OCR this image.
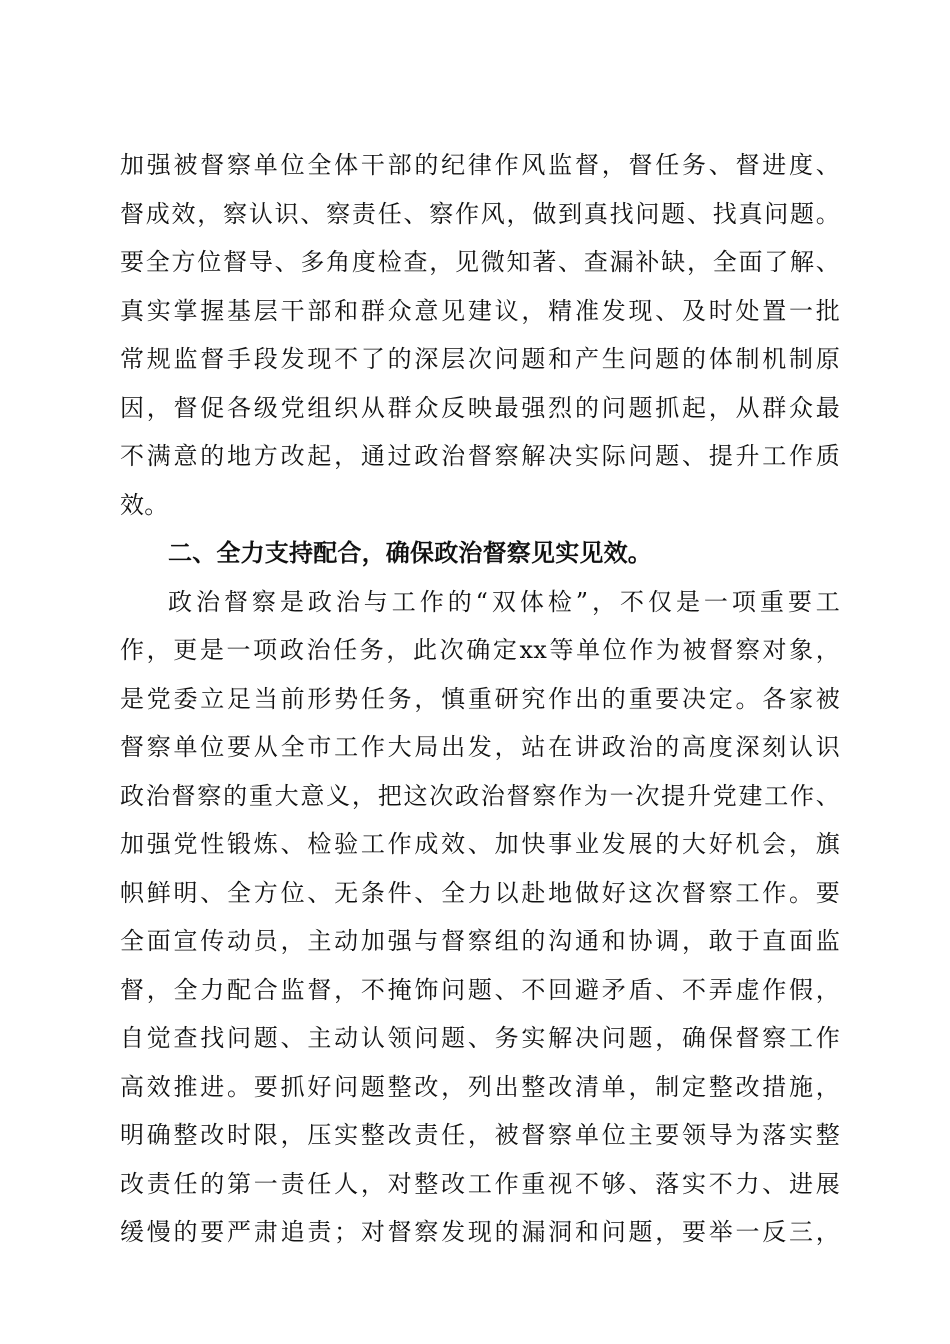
加强被督察单位全体干部的纪律作风监督，督任务、督进度、
督成效，察认识、察责任、察作风，做到真找问题、找真问题。
要全方位督导、多角度检查，见微知著、查漏补缺，全面了解、
真实掌握基层干部和群众意见建议，精准发现、及时处置一批
常规监督手段发现不了的深层次问题和产生问题的体制机制原
因，督促各级党组织从群众反映最强烈的问题抓起，从群众最
不满意的地方改起，通过政治督察解决实际问题、提升工作质
效。
二、全力支持配合，确保政治督察见实见效。
政治督察是政治与工作的“双体检”，不仅是一项重要工
作，更是一项政治任务，此次确定xx等单位作为被督察对象，
是党委立足当前形势任务，慎重研究作出的重要决定。各家被
督察单位要从全市工作大局出发，站在讲政治的高度深刻认识
政治督察的重大意义，把这次政治督察作为一次提升党建工作、
加强党性锻炼、检验工作成效、加快事业发展的大好机会，旗
帜鲜明、全方位、无条件、全力以赴地做好这次督察工作。要
全面宣传动员，主动加强与督察组的沟通和协调，敢于直面监
督，全力配合监督，不掩饰问题、不回避矛盾、不弄虚作假，
自觉查找问题、主动认领问题、务实解决问题，确保督察工作
高效推进。要抓好问题整改，列出整改清单，制定整改措施，
明确整改时限，压实整改责任，被督察单位主要领导为落实整
改责任的第一责任人，对整改工作重视不够、落实不力、进展
缓慢的要严肃追责；对督察发现的漏洞和问题，要举一反三，
